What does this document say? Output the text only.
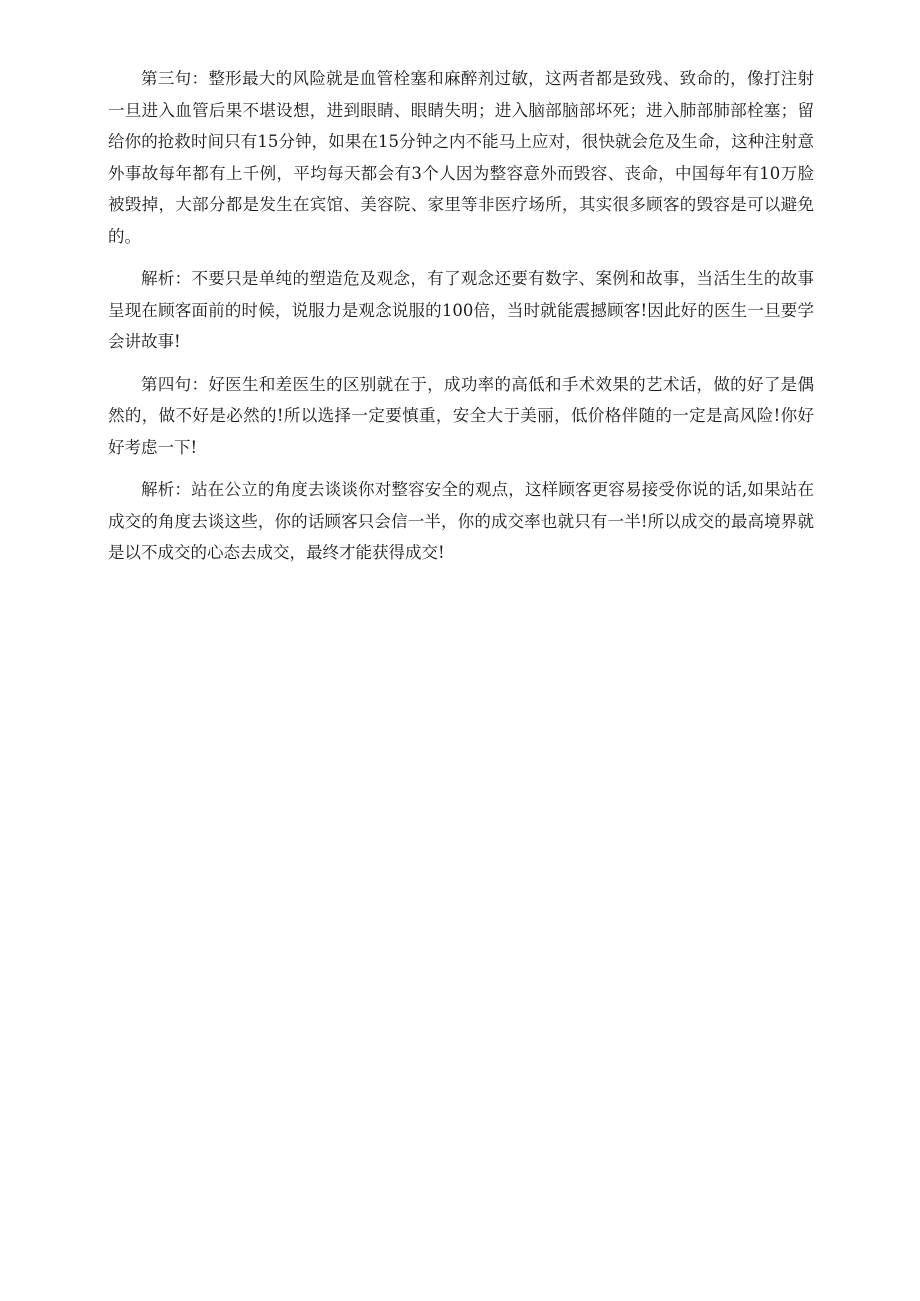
第三句：整形最大的风险就是血管栓塞和麻醉剂过敏，这两者都是致残、致命的，像打注射一旦进入血管后果不堪设想，进到眼睛、眼睛失明；进入脑部脑部坏死；进入肺部肺部栓塞；留给你的抢救时间只有15分钟，如果在15分钟之内不能马上应对，很快就会危及生命，这种注射意外事故每年都有上千例，平均每天都会有3个人因为整容意外而毁容、丧命，中国每年有10万脸被毁掉，大部分都是发生在宾馆、美容院、家里等非医疗场所，其实很多顾客的毁容是可以避免的。

解析：不要只是单纯的塑造危及观念，有了观念还要有数字、案例和故事，当活生生的故事呈现在顾客面前的时候，说服力是观念说服的100倍，当时就能震撼顾客!因此好的医生一旦要学会讲故事!

第四句：好医生和差医生的区别就在于，成功率的高低和手术效果的艺术话，做的好了是偶然的，做不好是必然的!所以选择一定要慎重，安全大于美丽，低价格伴随的一定是高风险!你好好考虑一下!

解析：站在公立的角度去谈谈你对整容安全的观点，这样顾客更容易接受你说的话,如果站在成交的角度去谈这些，你的话顾客只会信一半，你的成交率也就只有一半!所以成交的最高境界就是以不成交的心态去成交，最终才能获得成交!
